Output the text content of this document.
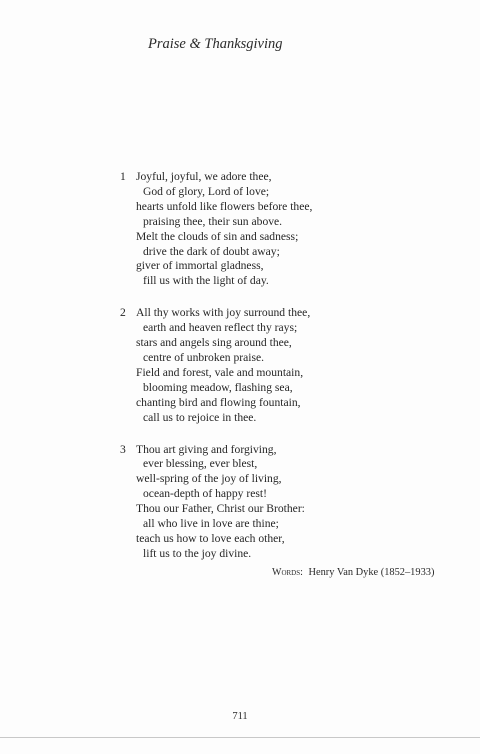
Praise & Thanksgiving
1 Joyful, joyful, we adore thee,
God of glory, Lord of love;
hearts unfold like flowers before thee,
praising thee, their sun above.
Melt the clouds of sin and sadness;
drive the dark of doubt away;
giver of immortal gladness,
fill us with the light of day.
2 All thy works with joy surround thee,
earth and heaven reflect thy rays;
stars and angels sing around thee,
centre of unbroken praise.
Field and forest, vale and mountain,
blooming meadow, flashing sea,
chanting bird and flowing fountain,
call us to rejoice in thee.
3 Thou art giving and forgiving,
ever blessing, ever blest,
well-spring of the joy of living,
ocean-depth of happy rest!
Thou our Father, Christ our Brother:
all who live in love are thine;
teach us how to love each other,
lift us to the joy divine.
Words: Henry Van Dyke (1852–1933)
711
